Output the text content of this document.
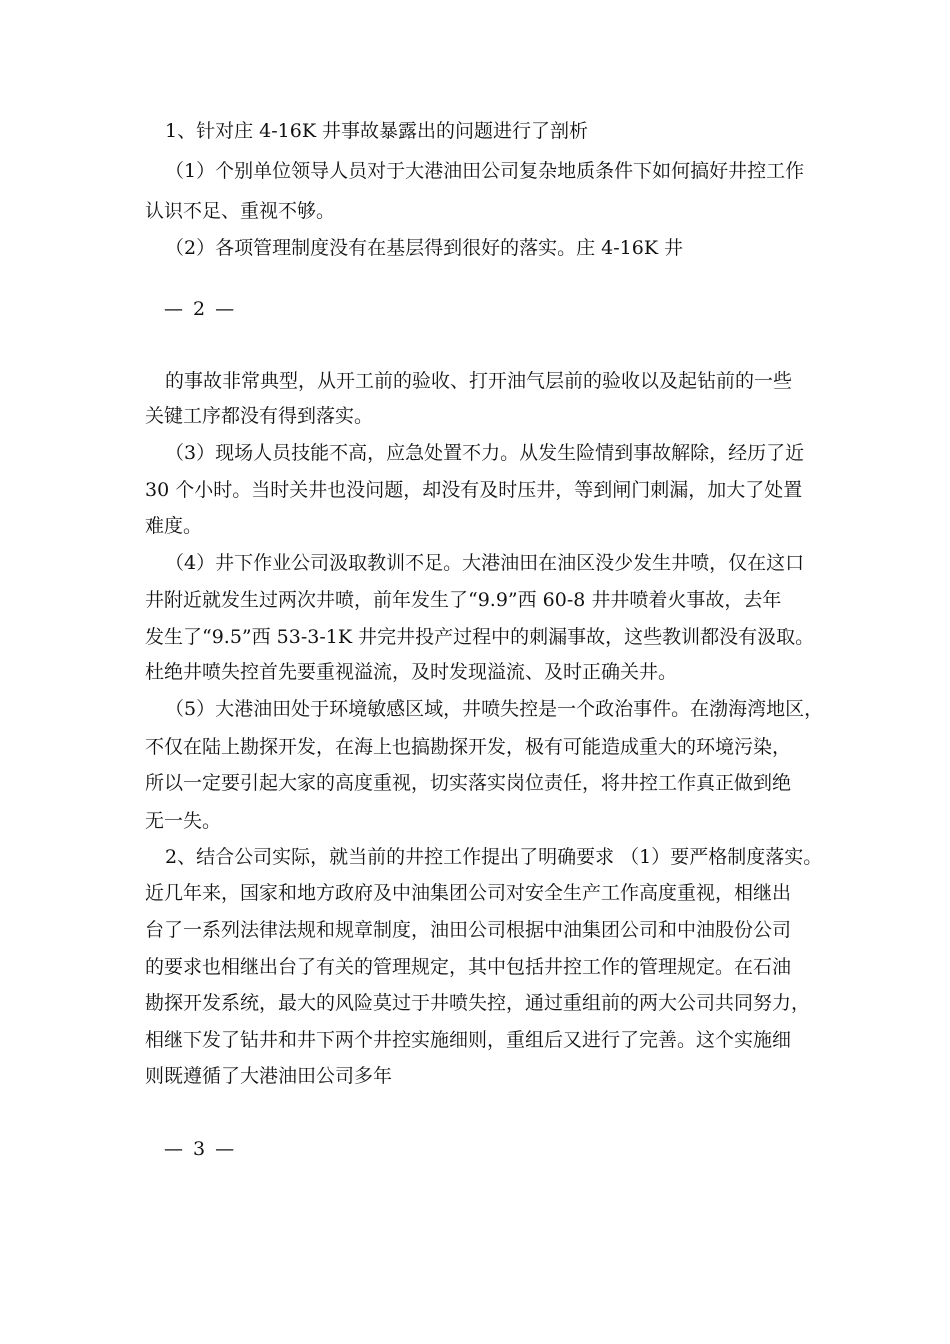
1、针对庄 4-16K 井事故暴露出的问题进行了剖析
（1）个别单位领导人员对于大港油田公司复杂地质条件下如何搞好井控工作
认识不足、重视不够。
（2）各项管理制度没有在基层得到很好的落实。庄 4-16K 井
— 2 —
的事故非常典型，从开工前的验收、打开油气层前的验收以及起钻前的一些
关键工序都没有得到落实。
（3）现场人员技能不高，应急处置不力。从发生险情到事故解除，经历了近
30 个小时。当时关井也没问题，却没有及时压井，等到闸门刺漏，加大了处置
难度。
（4）井下作业公司汲取教训不足。大港油田在油区没少发生井喷，仅在这口
井附近就发生过两次井喷，前年发生了“9.9”西 60-8 井井喷着火事故，去年
发生了“9.5”西 53-3-1K 井完井投产过程中的刺漏事故，这些教训都没有汲取。
杜绝井喷失控首先要重视溢流，及时发现溢流、及时正确关井。
（5）大港油田处于环境敏感区域，井喷失控是一个政治事件。在渤海湾地区，
不仅在陆上勘探开发，在海上也搞勘探开发，极有可能造成重大的环境污染，
所以一定要引起大家的高度重视，切实落实岗位责任，将井控工作真正做到绝
无一失。
2、结合公司实际，就当前的井控工作提出了明确要求 （1）要严格制度落实。
近几年来，国家和地方政府及中油集团公司对安全生产工作高度重视，相继出
台了一系列法律法规和规章制度，油田公司根据中油集团公司和中油股份公司
的要求也相继出台了有关的管理规定，其中包括井控工作的管理规定。在石油
勘探开发系统，最大的风险莫过于井喷失控，通过重组前的两大公司共同努力，
相继下发了钻井和井下两个井控实施细则，重组后又进行了完善。这个实施细
则既遵循了大港油田公司多年
— 3 —
